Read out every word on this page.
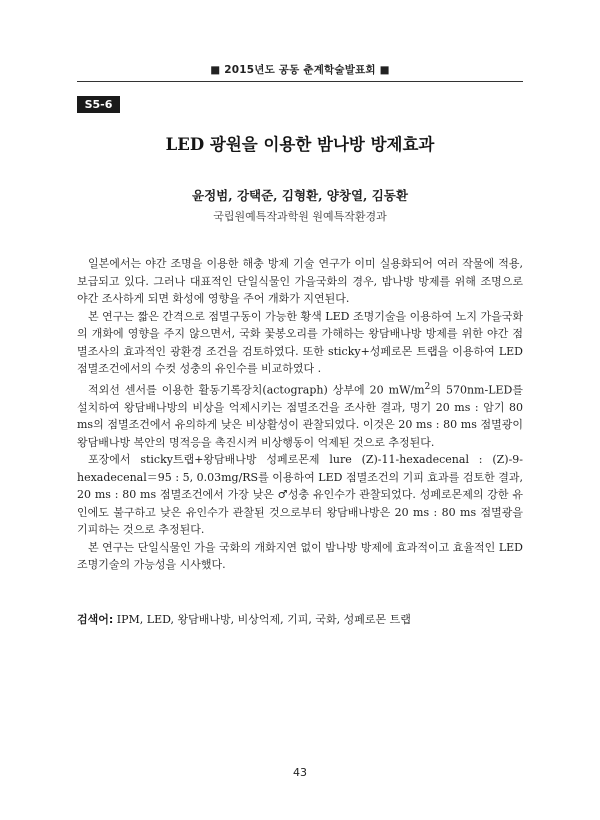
■ 2015년도 공동 춘계학술발표회 ■
S5-6
LED 광원을 이용한 밤나방 방제효과
윤정범, 강택준, 김형환, 양창열, 김동환
국립원예특작과학원 원예특작환경과

일본에서는 야간 조명을 이용한 해충 방제 기술 연구가 이미 실용화되어 여러 작물에 적용, 보급되고 있다. 그러나 대표적인 단일식물인 가을국화의 경우, 밤나방 방제를 위해 조명으로 야간 조사하게 되면 화성에 영향을 주어 개화가 지연된다.

본 연구는 짧은 간격으로 점멸구동이 가능한 황색 LED 조명기술을 이용하여 노지 가을국화의 개화에 영향을 주지 않으면서, 국화 꽃봉오리를 가해하는 왕담배나방 방제를 위한 야간 점멸조사의 효과적인 광환경 조건을 검토하였다. 또한 sticky+성페로몬 트랩을 이용하여 LED 점멸조건에서의 수컷 성충의 유인수를 비교하였다 .

적외선 센서를 이용한 활동기록장치(actograph) 상부에 20 $mW/m^2$의 570nm-LED를 설치하여 왕담배나방의 비상을 억제시키는 점멸조건을 조사한 결과, 명기 20 ms : 암기 80 ms의 점멸조건에서 유의하게 낮은 비상활성이 관찰되었다. 이것은 20 ms : 80 ms 점멸광이 왕담배나방 복안의 명적응을 촉진시켜 비상행동이 억제된 것으로 추정된다.

포장에서 sticky트랩+왕담배나방 성페로몬제 lure (Z)-11-hexadecenal : (Z)-9-hexadecenal＝95 : 5, 0.03mg/RS를 이용하여 LED 점멸조건의 기피 효과를 검토한 결과, 20 ms : 80 ms 점멸조건에서 가장 낮은 ♂성충 유인수가 관찰되었다. 성페로몬제의 강한 유인에도 불구하고 낮은 유인수가 관찰된 것으로부터 왕담배나방은 20 ms : 80 ms 점멸광을 기피하는 것으로 추정된다.

본 연구는 단일식물인 가을 국화의 개화지연 없이 밤나방 방제에 효과적이고 효율적인 LED 조명기술의 가능성을 시사했다.

검색어: IPM, LED, 왕담배나방, 비상억제, 기피, 국화, 성페로몬 트랩
43
